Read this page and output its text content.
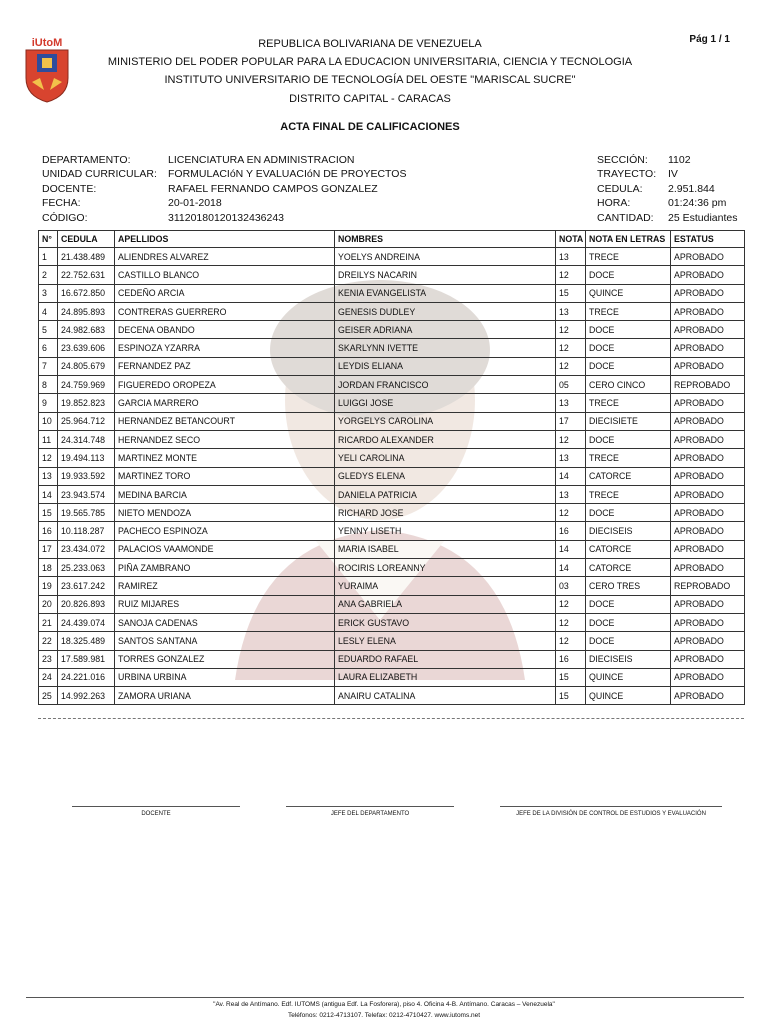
iUtoM	Pág 1 / 1
REPUBLICA BOLIVARIANA DE VENEZUELA
MINISTERIO DEL PODER POPULAR PARA LA EDUCACION UNIVERSITARIA, CIENCIA Y TECNOLOGIA
INSTITUTO UNIVERSITARIO DE TECNOLOGÍA DEL OESTE "MARISCAL SUCRE"
DISTRITO CAPITAL - CARACAS
ACTA FINAL DE CALIFICACIONES
DEPARTAMENTO:	LICENCIATURA EN ADMINISTRACION
UNIDAD CURRICULAR: FORMULACIóN Y EVALUACIóN DE PROYECTOS
DOCENTE:	RAFAEL FERNANDO CAMPOS GONZALEZ
FECHA:	20-01-2018
CÓDIGO:	31120180120132436243
SECCIÓN: 1102
TRAYECTO: IV
CEDULA: 2.951.844
HORA:	01:24:36 pm
CANTIDAD: 25 Estudiantes
N°	CEDULA	APELLIDOS	NOMBRES	NOTA	NOTA EN LETRAS	ESTATUS
1	21.438.489	ALIENDRES ALVAREZ	YOELYS ANDREINA	13	TRECE	APROBADO
2	22.752.631	CASTILLO BLANCO	DREILYS NACARIN	12	DOCE	APROBADO
3	16.672.850	CEDEÑO ARCIA	KENIA EVANGELISTA	15	QUINCE	APROBADO
4	24.895.893	CONTRERAS GUERRERO	GENESIS DUDLEY	13	TRECE	APROBADO
5	24.982.683	DECENA OBANDO	GEISER ADRIANA	12	DOCE	APROBADO
6	23.639.606	ESPINOZA YZARRA	SKARLYNN IVETTE	12	DOCE	APROBADO
7	24.805.679	FERNANDEZ PAZ	LEYDIS ELIANA	12	DOCE	APROBADO
8	24.759.969	FIGUEREDO OROPEZA	JORDAN FRANCISCO	05	CERO CINCO	REPROBADO
9	19.852.823	GARCIA MARRERO	LUIGGI JOSE	13	TRECE	APROBADO
10	25.964.712	HERNANDEZ BETANCOURT	YORGELYS CAROLINA	17	DIECISIETE	APROBADO
11	24.314.748	HERNANDEZ SECO	RICARDO ALEXANDER	12	DOCE	APROBADO
12	19.494.113	MARTINEZ MONTE	YELI CAROLINA	13	TRECE	APROBADO
13	19.933.592	MARTINEZ TORO	GLEDYS ELENA	14	CATORCE	APROBADO
14	23.943.574	MEDINA BARCIA	DANIELA PATRICIA	13	TRECE	APROBADO
15	19.565.785	NIETO MENDOZA	RICHARD JOSE	12	DOCE	APROBADO
16	10.118.287	PACHECO ESPINOZA	YENNY LISETH	16	DIECISEIS	APROBADO
17	23.434.072	PALACIOS VAAMONDE	MARIA ISABEL	14	CATORCE	APROBADO
18	25.233.063	PIÑA ZAMBRANO	ROCIRIS LOREANNY	14	CATORCE	APROBADO
19	23.617.242	RAMIREZ	YURAIMA	03	CERO TRES	REPROBADO
20	20.826.893	RUIZ MIJARES	ANA GABRIELA	12	DOCE	APROBADO
21	24.439.074	SANOJA CADENAS	ERICK GUSTAVO	12	DOCE	APROBADO
22	18.325.489	SANTOS SANTANA	LESLY ELENA	12	DOCE	APROBADO
23	17.589.981	TORRES GONZALEZ	EDUARDO RAFAEL	16	DIECISEIS	APROBADO
24	24.221.016	URBINA URBINA	LAURA ELIZABETH	15	QUINCE	APROBADO
25	14.992.263	ZAMORA URIANA	ANAIRU CATALINA	15	QUINCE	APROBADO
DOCENTE	JEFE DEL DEPARTAMENTO	JEFE DE LA DIVISIÓN DE CONTROL DE ESTUDIOS Y EVALUACIÓN
"Av. Real de Antímano. Edf. IUTOMS (antigua Edf. La Fosforera), piso 4. Oficina 4-B. Antímano. Caracas – Venezuela"
Teléfonos: 0212-4713107. Telefax: 0212-4710427. www.iutoms.net
